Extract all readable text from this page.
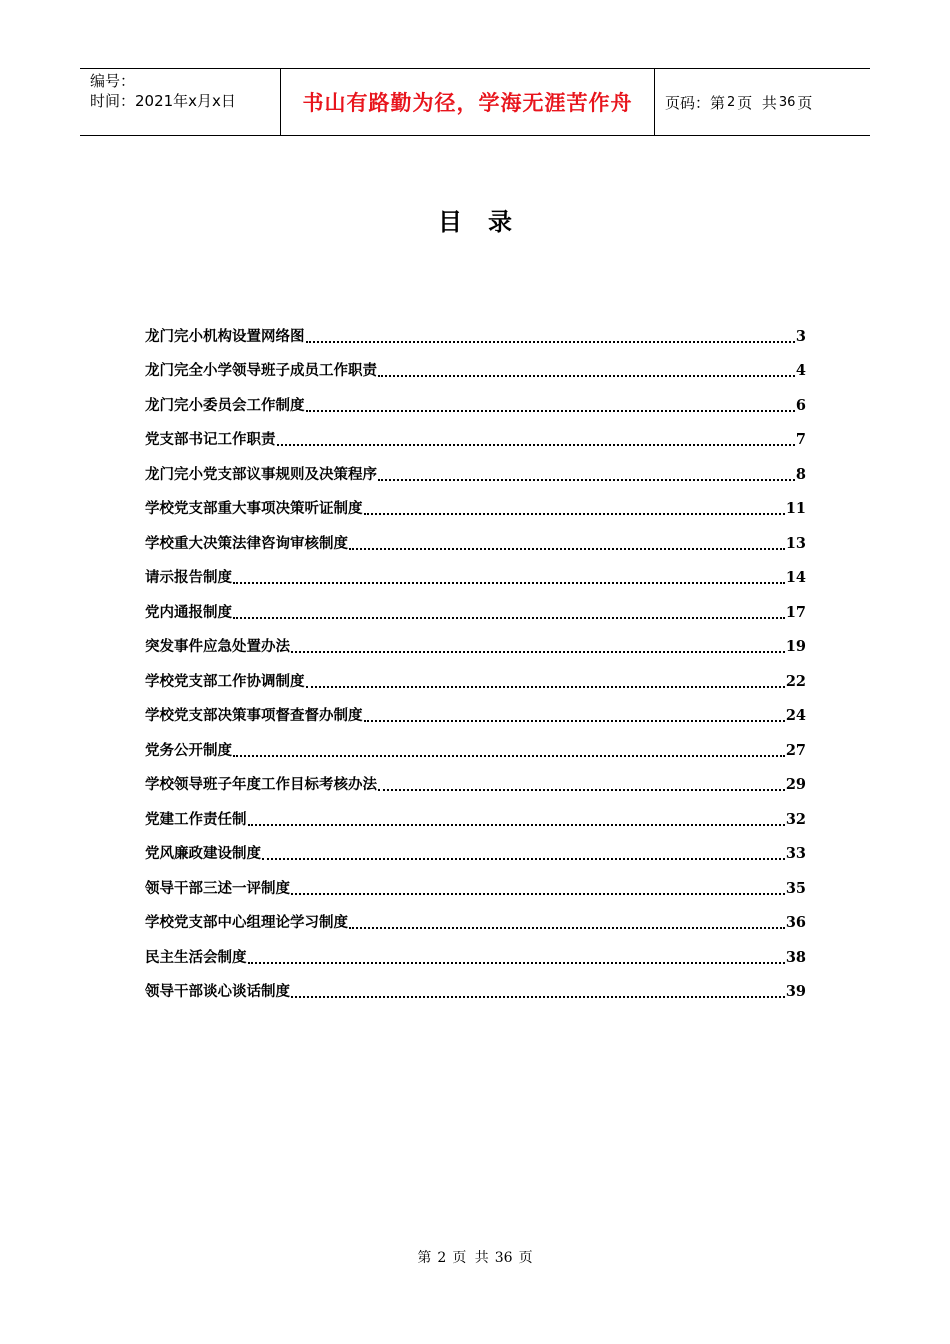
编号：
时间：2021年x月x日	书山有路勤为径，学海无涯苦作舟 页码：第 2 页  共 36 页
目录
龙门完小机构设置网络图	3
龙门完全小学领导班子成员工作职责	4
龙门完小委员会工作制度	6
党支部书记工作职责	7
龙门完小党支部议事规则及决策程序	8
学校党支部重大事项决策听证制度	11
学校重大决策法律咨询审核制度	13
请示报告制度	14
党内通报制度	17
突发事件应急处置办法	19
学校党支部工作协调制度	22
学校党支部决策事项督查督办制度	24
党务公开制度	27
学校领导班子年度工作目标考核办法	29
党建工作责任制	32
党风廉政建设制度	33
领导干部三述一评制度	35
学校党支部中心组理论学习制度	36
民主生活会制度	38
领导干部谈心谈话制度	39
第 2 页 共 36 页
